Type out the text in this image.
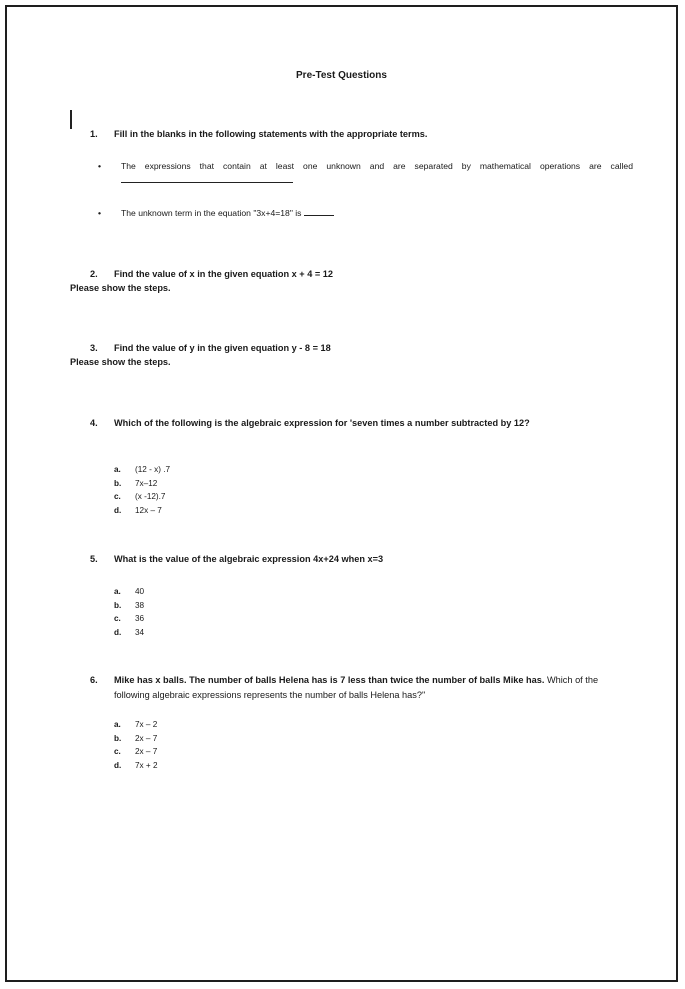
Pre-Test Questions
1. Fill in the blanks in the following statements with the appropriate terms.
• The expressions that contain at least one unknown and are separated by mathematical operations are called
• The unknown term in the equation "3x+4=18" is
2. Find the value of x in the given equation x + 4 = 12
Please show the steps.
3. Find the value of y in the given equation y - 8 = 18
Please show the steps.
4. Which of the following is the algebraic expression for 'seven times a number subtracted by 12?
a. (12 - x) .7
b. 7x–12
c. (x -12).7
d. 12x – 7
5. What is the value of the algebraic expression 4x+24 when x=3
a. 40
b. 38
c. 36
d. 34
6. Mike has x balls. The number of balls Helena has is 7 less than twice the number of balls Mike has. Which of the following algebraic expressions represents the number of balls Helena has?"
a. 7x – 2
b. 2x – 7
c. 2x – 7
d. 7x + 2
